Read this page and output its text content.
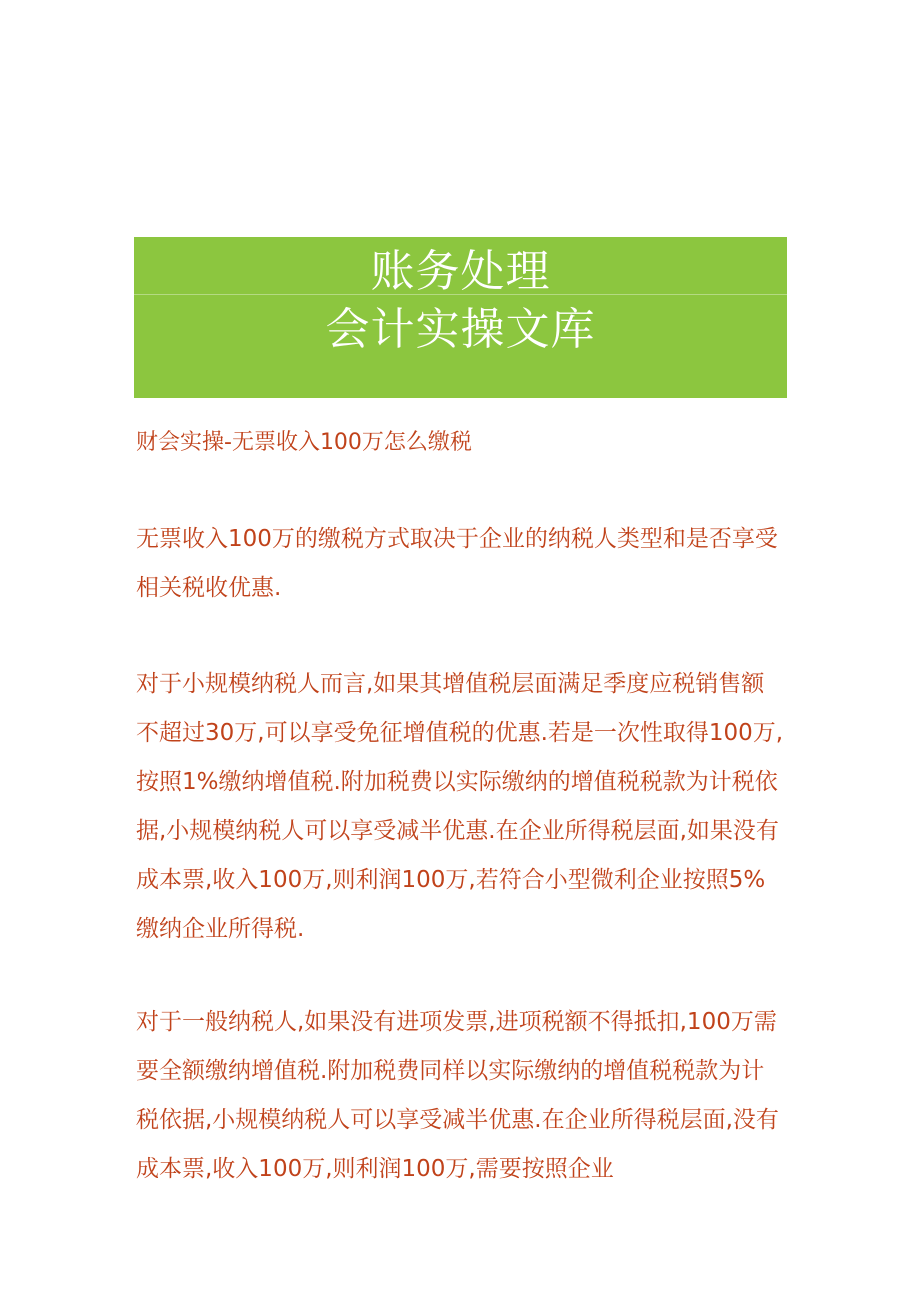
账务处理
会计实操文库
财会实操-无票收入100万怎么缴税

无票收入100万的缴税方式取决于企业的纳税人类型和是否享受相关税收优惠.

对于小规模纳税人而言,如果其增值税层面满足季度应税销售额不超过30万,可以享受免征增值税的优惠.若是一次性取得100万,按照1%缴纳增值税.附加税费以实际缴纳的增值税税款为计税依据,小规模纳税人可以享受减半优惠.在企业所得税层面,如果没有成本票,收入100万,则利润100万,若符合小型微利企业按照5%缴纳企业所得税.

对于一般纳税人,如果没有进项发票,进项税额不得抵扣,100万需要全额缴纳增值税.附加税费同样以实际缴纳的增值税税款为计税依据,小规模纳税人可以享受减半优惠.在企业所得税层面,没有成本票,收入100万,则利润100万,需要按照企业
